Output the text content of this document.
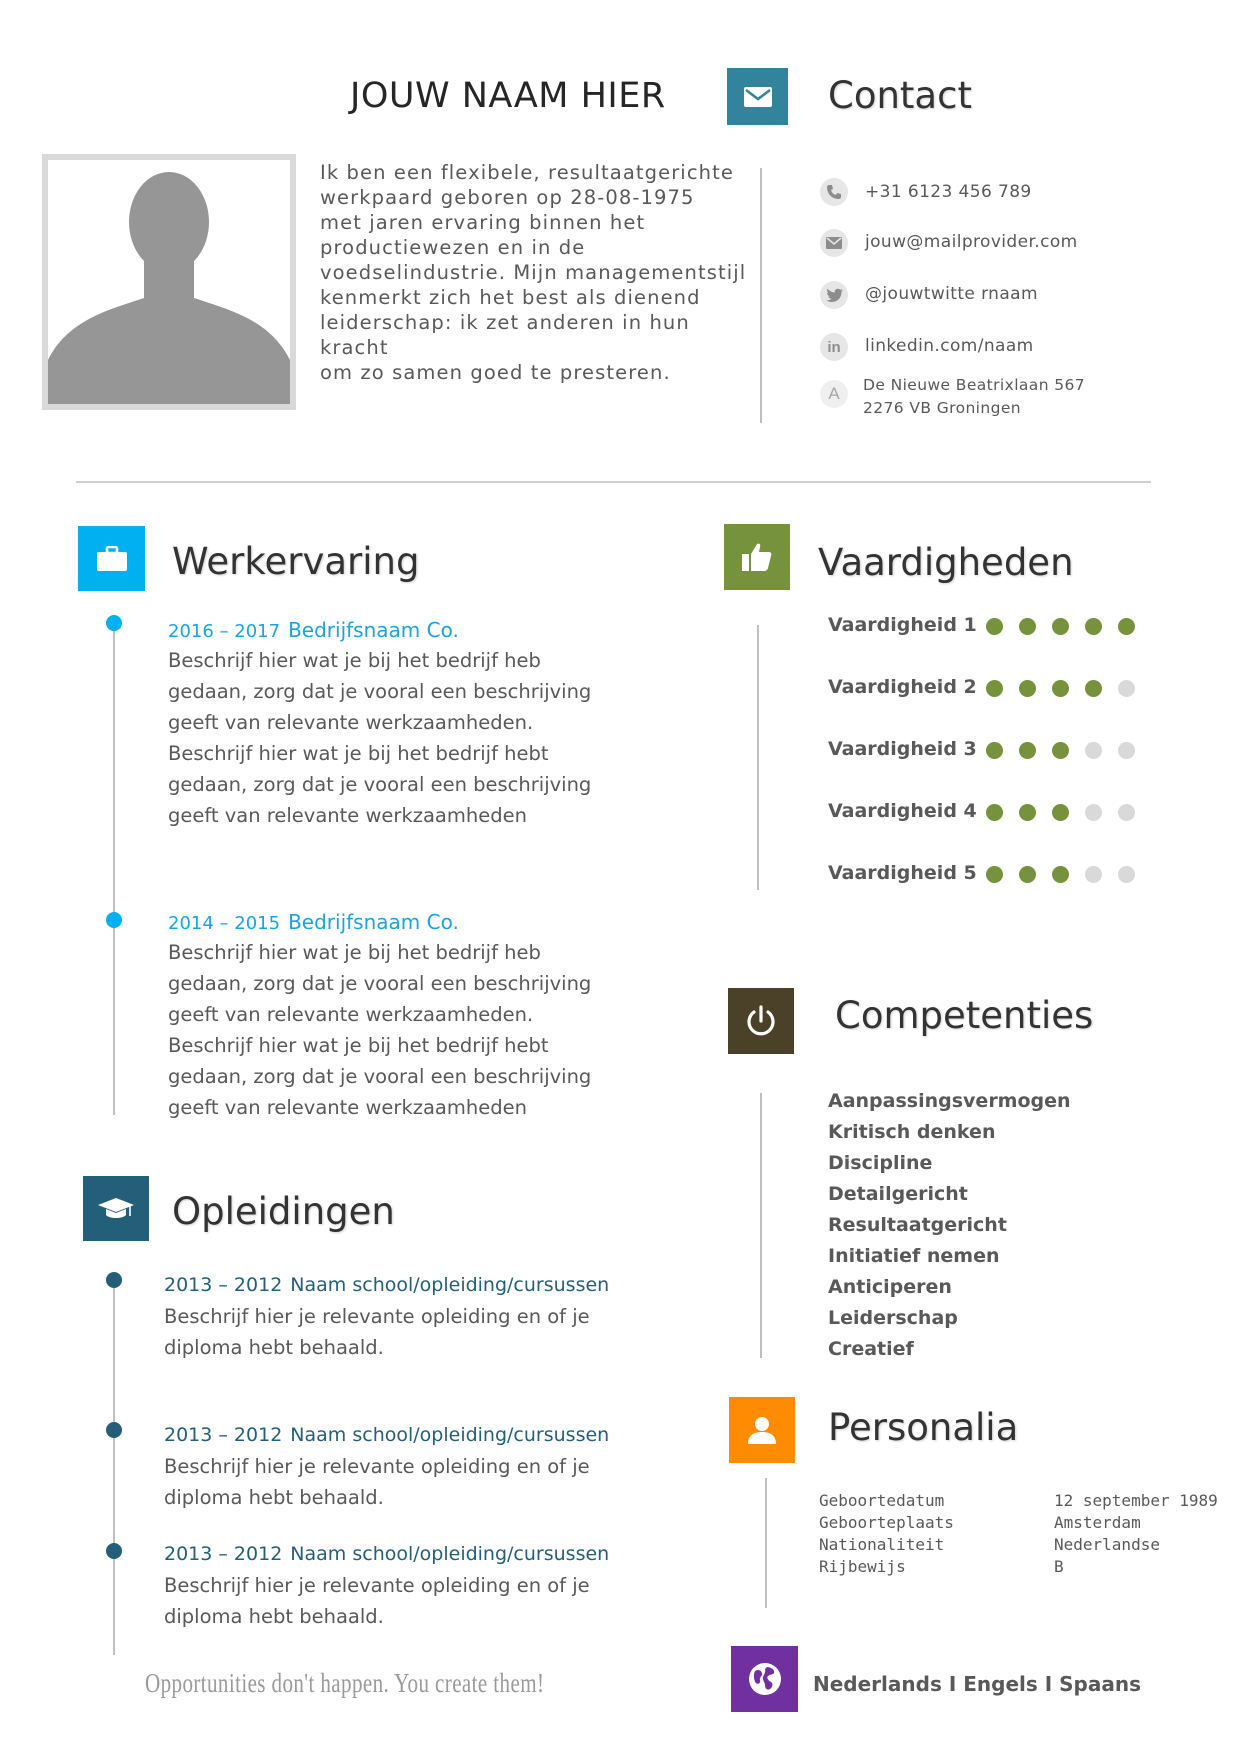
JOUW NAAM HIER	Contact
Ik ben een flexibele, resultaatgerichte
werkpaard geboren op 28-08-1975
met jaren ervaring binnen het
productiewezen en in de
voedselindustrie. Mijn managementstijl
kenmerkt zich het best als dienend
leiderschap: ik zet anderen in hun kracht
om zo samen goed te presteren.
+31 6123 456 789
jouw@mailprovider.com
@jouwtwitte rnaam
in linkedin.com/naam
A De Nieuwe Beatrixlaan 567
2276 VB Groningen
Werkervaring
2016 – 2017 Bedrijfsnaam Co.
Beschrijf hier wat je bij het bedrijf heb
gedaan, zorg dat je vooral een beschrijving
geeft van relevante werkzaamheden.
Beschrijf hier wat je bij het bedrijf hebt
gedaan, zorg dat je vooral een beschrijving
geeft van relevante werkzaamheden
2014 – 2015 Bedrijfsnaam Co.
Beschrijf hier wat je bij het bedrijf heb
gedaan, zorg dat je vooral een beschrijving
geeft van relevante werkzaamheden.
Beschrijf hier wat je bij het bedrijf hebt
gedaan, zorg dat je vooral een beschrijving
geeft van relevante werkzaamheden
Opleidingen
2013 – 2012 Naam school/opleiding/cursussen
Beschrijf hier je relevante opleiding en of je
diploma hebt behaald.
2013 – 2012 Naam school/opleiding/cursussen
Beschrijf hier je relevante opleiding en of je
diploma hebt behaald.
2013 – 2012 Naam school/opleiding/cursussen
Beschrijf hier je relevante opleiding en of je
diploma hebt behaald.
Vaardigheden
Vaardigheid 1
Vaardigheid 2
Vaardigheid 3
Vaardigheid 4
Vaardigheid 5
Competenties
Aanpassingsvermogen
Kritisch denken
Discipline
Detailgericht
Resultaatgericht
Initiatief nemen
Anticiperen
Leiderschap
Creatief
Personalia
Geboortedatum
Geboorteplaats
Nationaliteit
Rijbewijs
12 september 1989
Amsterdam
Nederlandse
B
Opportunities don't happen. You create them!	Nederlands I Engels I Spaans
